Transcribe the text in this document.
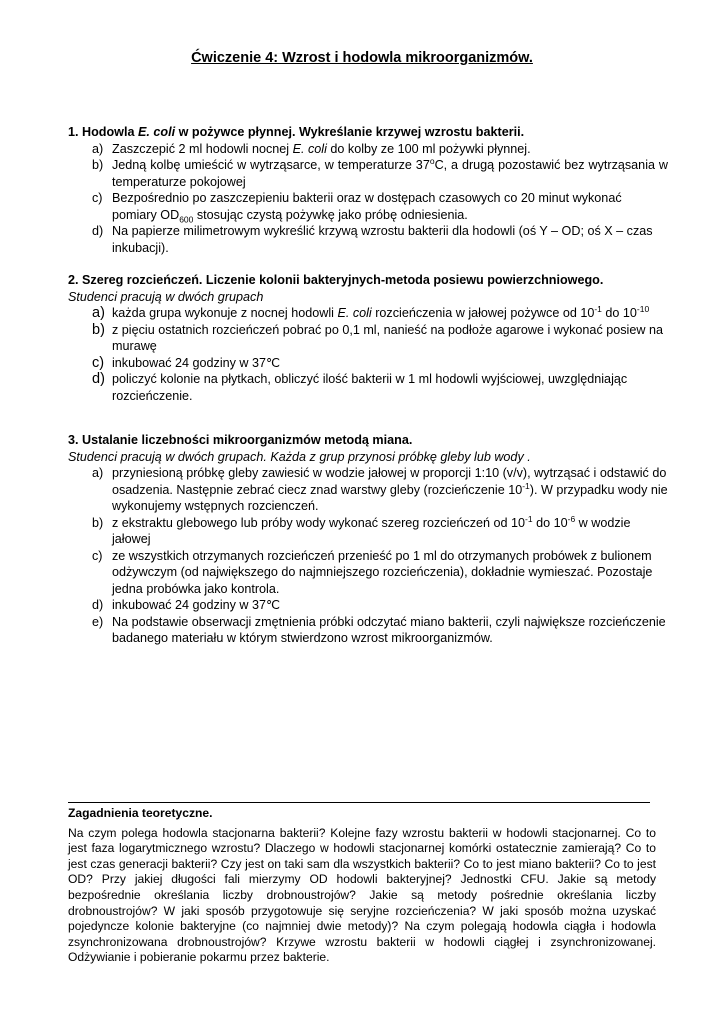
Ćwiczenie 4: Wzrost i hodowla mikroorganizmów.
1. Hodowla E. coli w pożywce płynnej. Wykreślanie krzywej wzrostu bakterii.
a) Zaszczepić 2 ml hodowli nocnej E. coli do kolby ze 100 ml pożywki płynnej.
b) Jedną kolbę umieścić w wytrząsarce, w temperaturze 37$^o$C, a drugą pozostawić bez wytrząsania w temperaturze pokojowej
c) Bezpośrednio po zaszczepieniu bakterii oraz w dostępach czasowych co 20 minut wykonać pomiary $OD_{600}$ stosując czystą pożywkę jako próbę odniesienia.
d) Na papierze milimetrowym wykreślić krzywą wzrostu bakterii dla hodowli (oś Y – OD; oś X – czas inkubacji).
2. Szereg rozcieńczeń. Liczenie kolonii bakteryjnych-metoda posiewu powierzchniowego.
Studenci pracują w dwóch grupach
a) każda grupa wykonuje z nocnej hodowli E. coli rozcieńczenia w jałowej pożywce od $10^{-1}$ do $10^{-10}$
b) z pięciu ostatnich rozcieńczeń pobrać po 0,1 ml, nanieść na podłoże agarowe i wykonać posiew na murawę
c) inkubować 24 godziny w 37℃
d) policzyć kolonie na płytkach, obliczyć ilość bakterii w 1 ml hodowli wyjściowej, uwzględniając rozcieńczenie.
3. Ustalanie liczebności mikroorganizmów metodą miana.
Studenci pracują w dwóch grupach. Każda z grup przynosi próbkę gleby lub wody .
a) przyniesioną próbkę gleby zawiesić w wodzie jałowej w proporcji 1:10 (v/v), wytrząsać i odstawić do osadzenia. Następnie zebrać ciecz znad warstwy gleby (rozcieńczenie $10^{-1}$). W przypadku wody nie wykonujemy wstępnych rozcienczeń.
b) z ekstraktu glebowego lub próby wody wykonać szereg rozcieńczeń od $10^{-1}$ do $10^{-6}$ w wodzie jałowej
c) ze wszystkich otrzymanych rozcieńczeń przenieść po 1 ml do otrzymanych probówek z bulionem odżywczym (od największego do najmniejszego rozcieńczenia), dokładnie wymieszać. Pozostaje jedna probówka jako kontrola.
d) inkubować 24 godziny w 37℃
e) Na podstawie obserwacji zmętnienia próbki odczytać miano bakterii, czyli największe rozcieńczenie badanego materiału w którym stwierdzono wzrost mikroorganizmów.
Zagadnienia teoretyczne.
Na czym polega hodowla stacjonarna bakterii? Kolejne fazy wzrostu bakterii w hodowli stacjonarnej. Co to jest faza logarytmicznego wzrostu? Dlaczego w hodowli stacjonarnej komórki ostatecznie zamierają? Co to jest czas generacji bakterii? Czy jest on taki sam dla wszystkich bakterii? Co to jest miano bakterii? Co to jest OD? Przy jakiej długości fali mierzymy OD hodowli bakteryjnej? Jednostki CFU. Jakie są metody bezpośrednie określania liczby drobnoustrojów? Jakie są metody pośrednie określania liczby drobnoustrojów? W jaki sposób przygotowuje się seryjne rozcieńczenia? W jaki sposób można uzyskać pojedyncze kolonie bakteryjne (co najmniej dwie metody)? Na czym polegają hodowla ciągła i hodowla zsynchronizowana drobnoustrojów? Krzywe wzrostu bakterii w hodowli ciągłej i zsynchronizowanej. Odżywianie i pobieranie pokarmu przez bakterie.
